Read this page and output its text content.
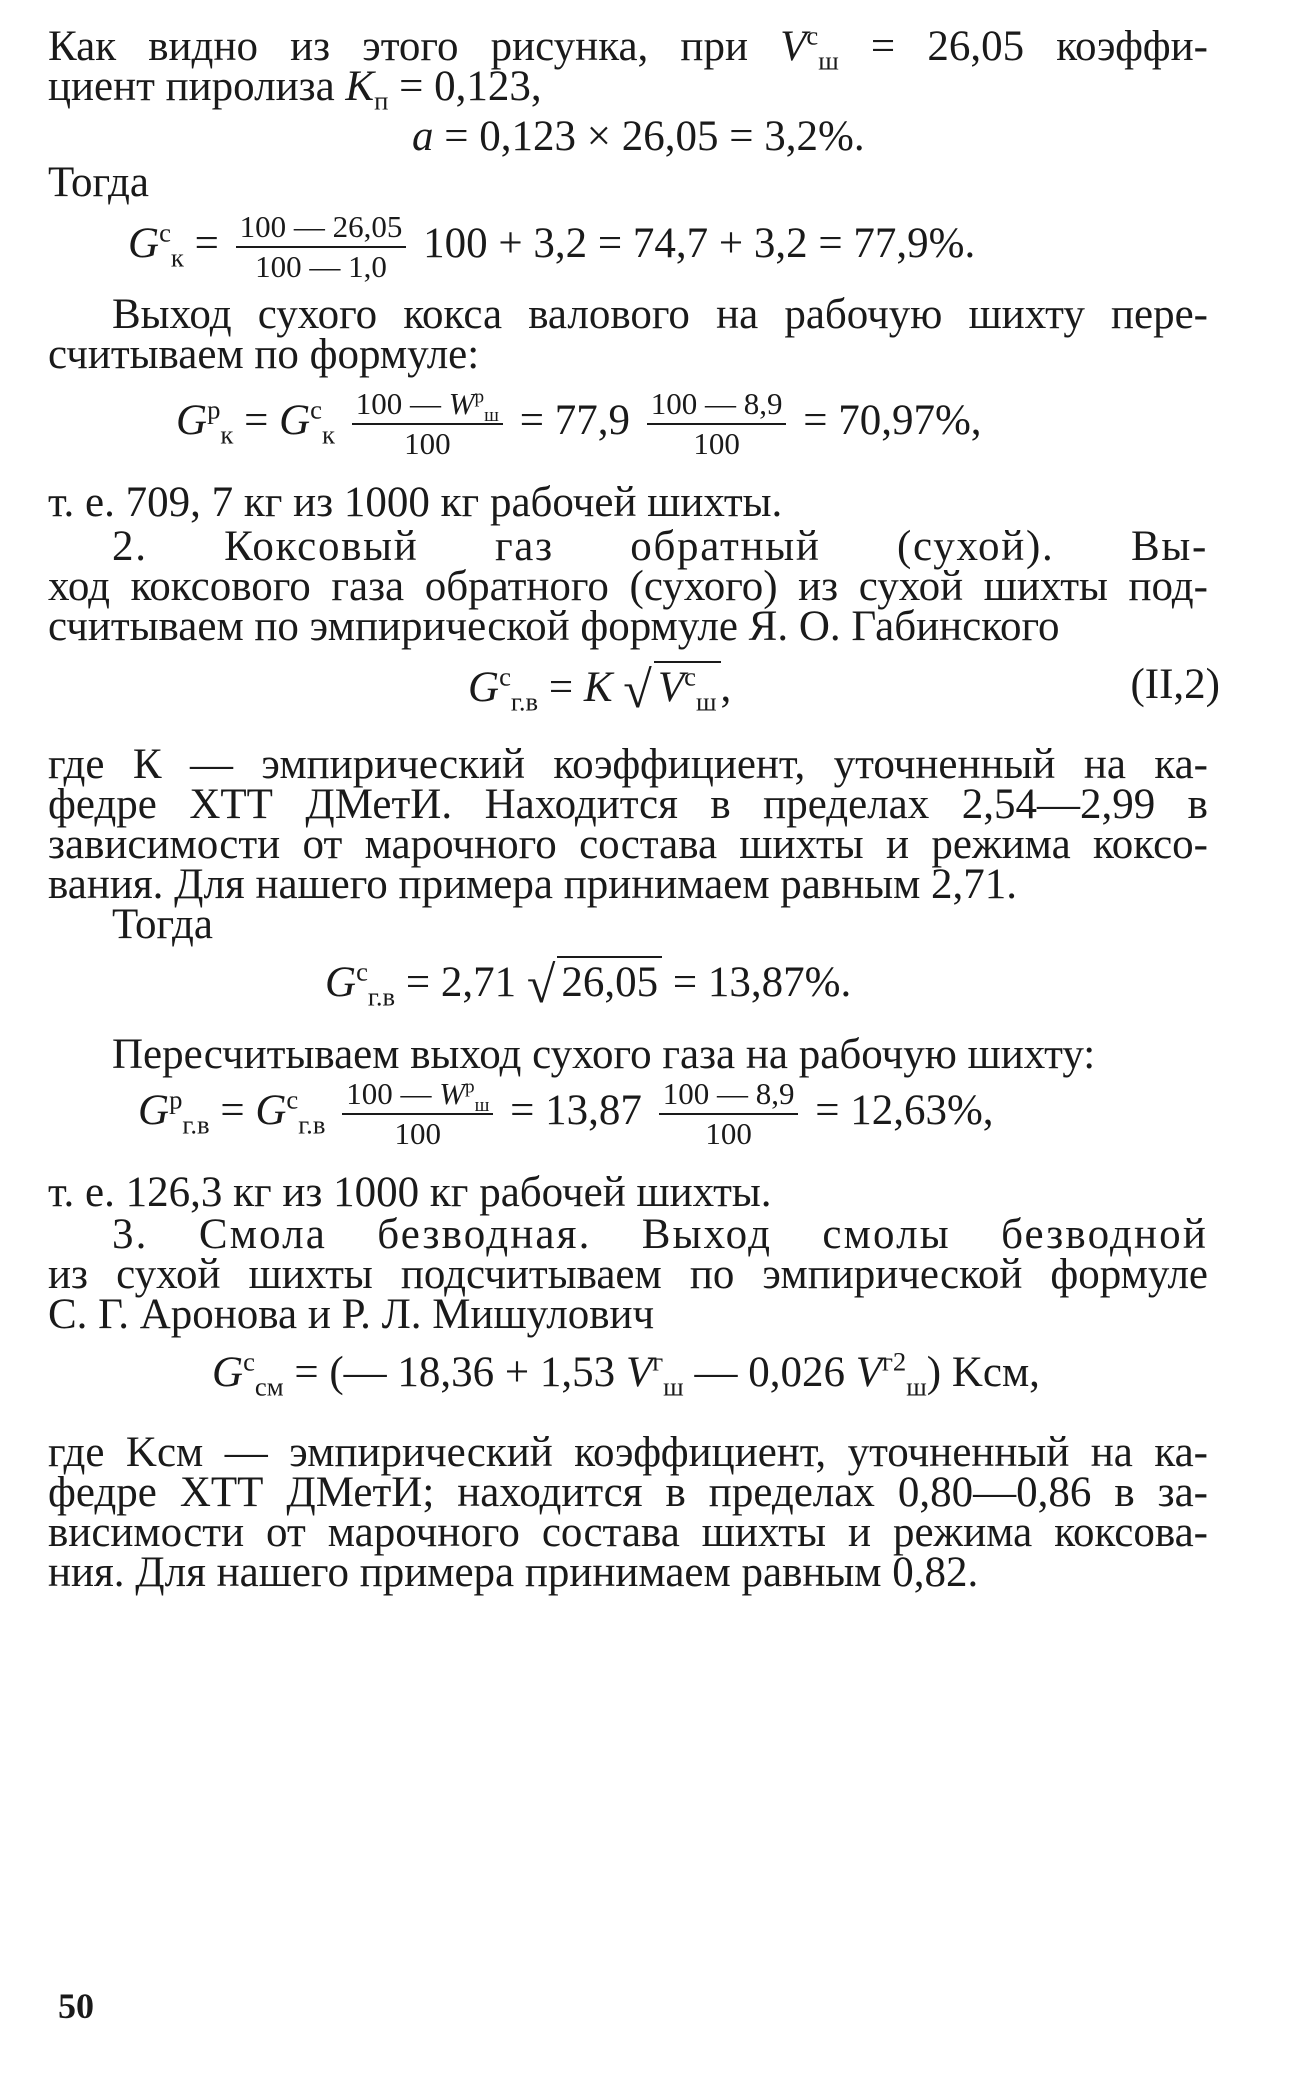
Как видно из этого рисунка, при $V^с_ш = 26,05$ коэффи-
циент пиролиза $K_п = 0,123$,
a = 0,123 × 26,05 = 3,2%.
Тогда
$G^с_к = \frac{100 — 26,05}{100 — 1,0} 100 + 3,2 = 74,7 + 3,2 = 77,9\%$.
Выход сухого кокса валового на рабочую шихту пере-
считываем по формуле:
$G^р_к = G^с_к \frac{100 — W^р_ш}{100} = 77,9 \frac{100 — 8,9}{100} = 70,97\%$,
т. е. 709, 7 кг из 1000 кг рабочей шихты.
2. Коксовый газ обратный (сухой). Вы-
ход коксового газа обратного (сухого) из сухой шихты под-
считываем по эмпирической формуле Я. О. Габинского
$G^с_{г.в} = K$ √ $V^с_ш$,	(II,2)
где К — эмпирический коэффициент, уточненный на ка-
федре ХТТ ДМетИ. Находится в пределах 2,54—2,99 в
зависимости от марочного состава шихты и режима коксо-
вания. Для нашего примера принимаем равным 2,71.
Тогда
$G^с_{г.в} = 2,71$ √ 26,05 = 13,87%.
Пересчитываем выход сухого газа на рабочую шихту:
$G^р_{г.в} = G^с_{г.в} \frac{100 — W^р_ш}{100} = 13,87 \frac{100 — 8,9}{100} = 12,63\%$,
т. е. 126,3 кг из 1000 кг рабочей шихты.
3. Смола безводная. Выход смолы безводной
из сухой шихты подсчитываем по эмпирической формуле
С. Г. Аронова и Р. Л. Мишулович
$G^с_{см}$ = (— 18,36 + 1,53 $V^г_ш$ — 0,026 $V^{г2}_ш$) Kсм,
где Kсм — эмпирический коэффициент, уточненный на ка-
федре ХТТ ДМетИ; находится в пределах 0,80—0,86 в за-
висимости от марочного состава шихты и режима коксова-
ния. Для нашего примера принимаем равным 0,82.
50
